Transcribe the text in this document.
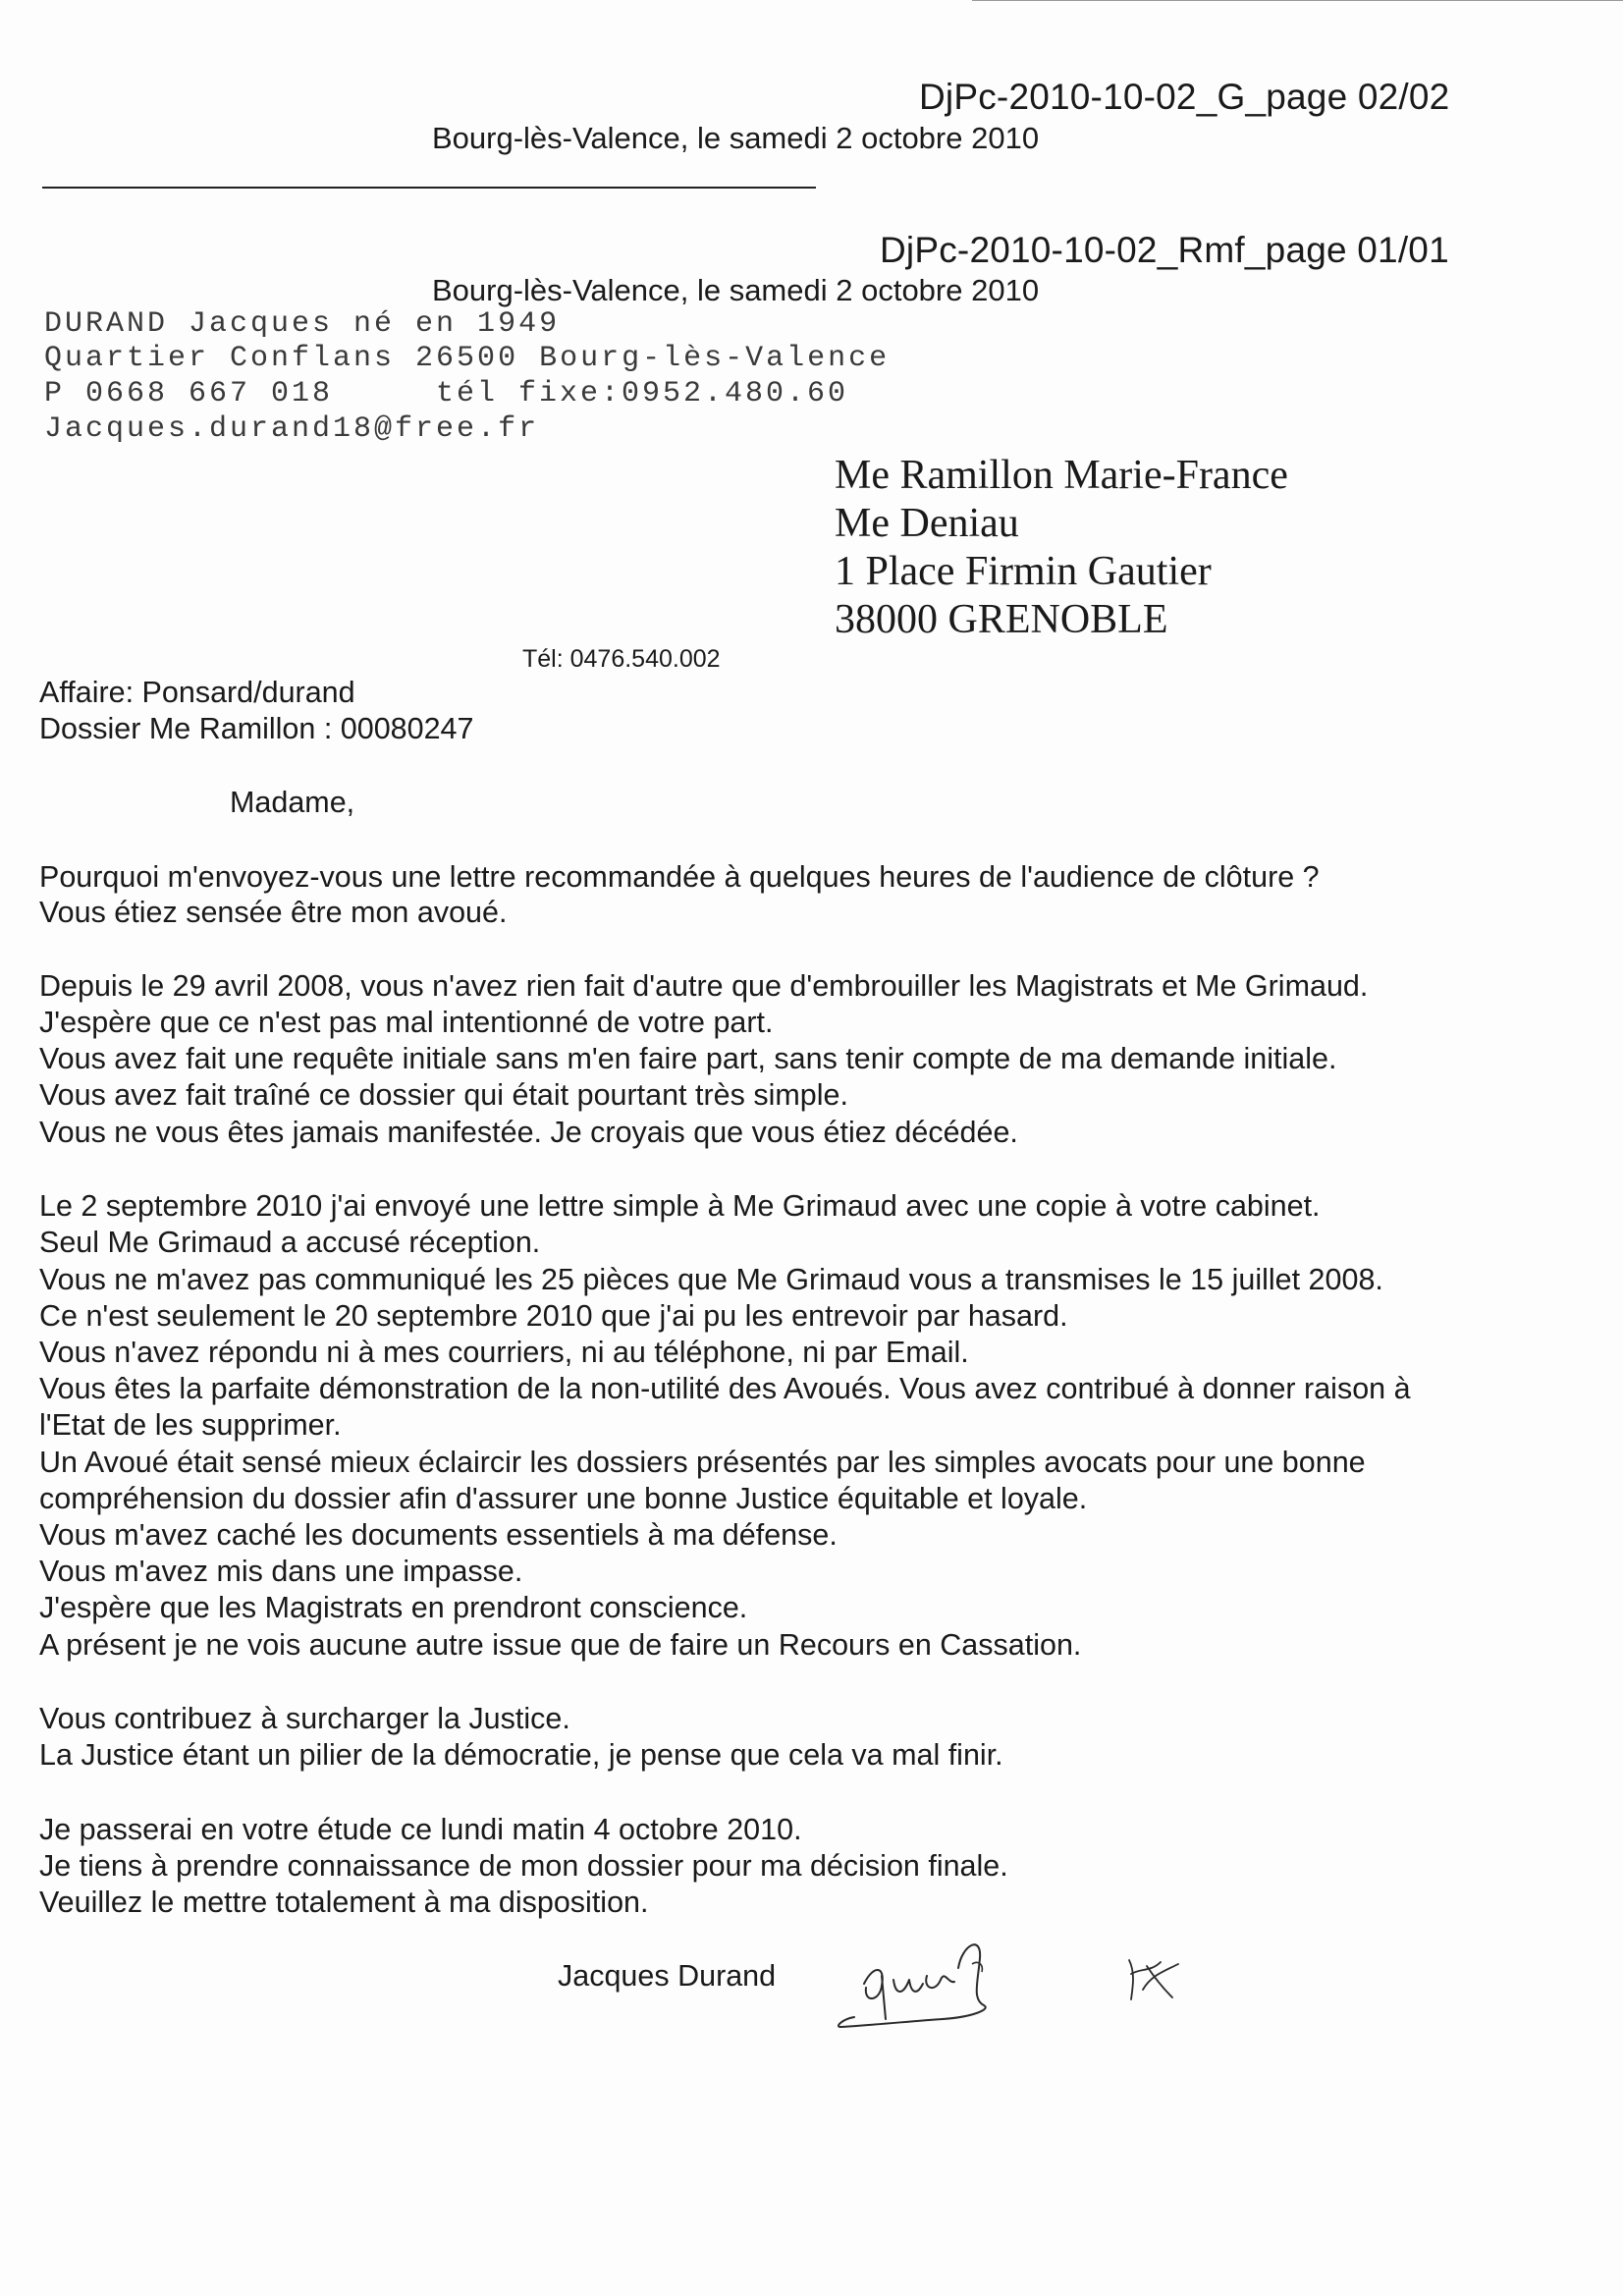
DjPc-2010-10-02_G_page 02/02
Bourg-lès-Valence, le samedi 2 octobre 2010
DjPc-2010-10-02_Rmf_page 01/01
Bourg-lès-Valence, le samedi 2 octobre 2010
DURAND Jacques né en 1949
Quartier Conflans 26500 Bourg-lès-Valence
P 0668 667 018	tél fixe:0952.480.60
Jacques.durand18@free.fr
Me Ramillon Marie-France
Me Deniau
1 Place Firmin Gautier
38000 GRENOBLE
Tél: 0476.540.002
Affaire: Ponsard/durand
Dossier Me Ramillon : 00080247
Madame,
Pourquoi m'envoyez-vous une lettre recommandée à quelques heures de l'audience de clôture ?
Vous étiez sensée être mon avoué.
Depuis le 29 avril 2008, vous n'avez rien fait d'autre que d'embrouiller les Magistrats et Me Grimaud.
J'espère que ce n'est pas mal intentionné de votre part.
Vous avez fait une requête initiale sans m'en faire part, sans tenir compte de ma demande initiale.
Vous avez fait traîné ce dossier qui était pourtant très simple.
Vous ne vous êtes jamais manifestée. Je croyais que vous étiez décédée.
Le 2 septembre 2010 j'ai envoyé une lettre simple à Me Grimaud avec une copie à votre cabinet.
Seul Me Grimaud a accusé réception.
Vous ne m'avez pas communiqué les 25 pièces que Me Grimaud vous a transmises le 15 juillet 2008.
Ce n'est seulement le 20 septembre 2010 que j'ai pu les entrevoir par hasard.
Vous n'avez répondu ni à mes courriers, ni au téléphone, ni par Email.
Vous êtes la parfaite démonstration de la non-utilité des Avoués. Vous avez contribué à donner raison à
l'Etat de les supprimer.
Un Avoué était sensé mieux éclaircir les dossiers présentés par les simples avocats pour une bonne
compréhension du dossier afin d'assurer une bonne Justice équitable et loyale.
Vous m'avez caché les documents essentiels à ma défense.
Vous m'avez mis dans une impasse.
J'espère que les Magistrats en prendront conscience.
A présent je ne vois aucune autre issue que de faire un Recours en Cassation.
Vous contribuez à surcharger la Justice.
La Justice étant un pilier de la démocratie, je pense que cela va mal finir.
Je passerai en votre étude ce lundi matin 4 octobre 2010.
Je tiens à prendre connaissance de mon dossier pour ma décision finale.
Veuillez le mettre totalement à ma disposition.
Jacques Durand
